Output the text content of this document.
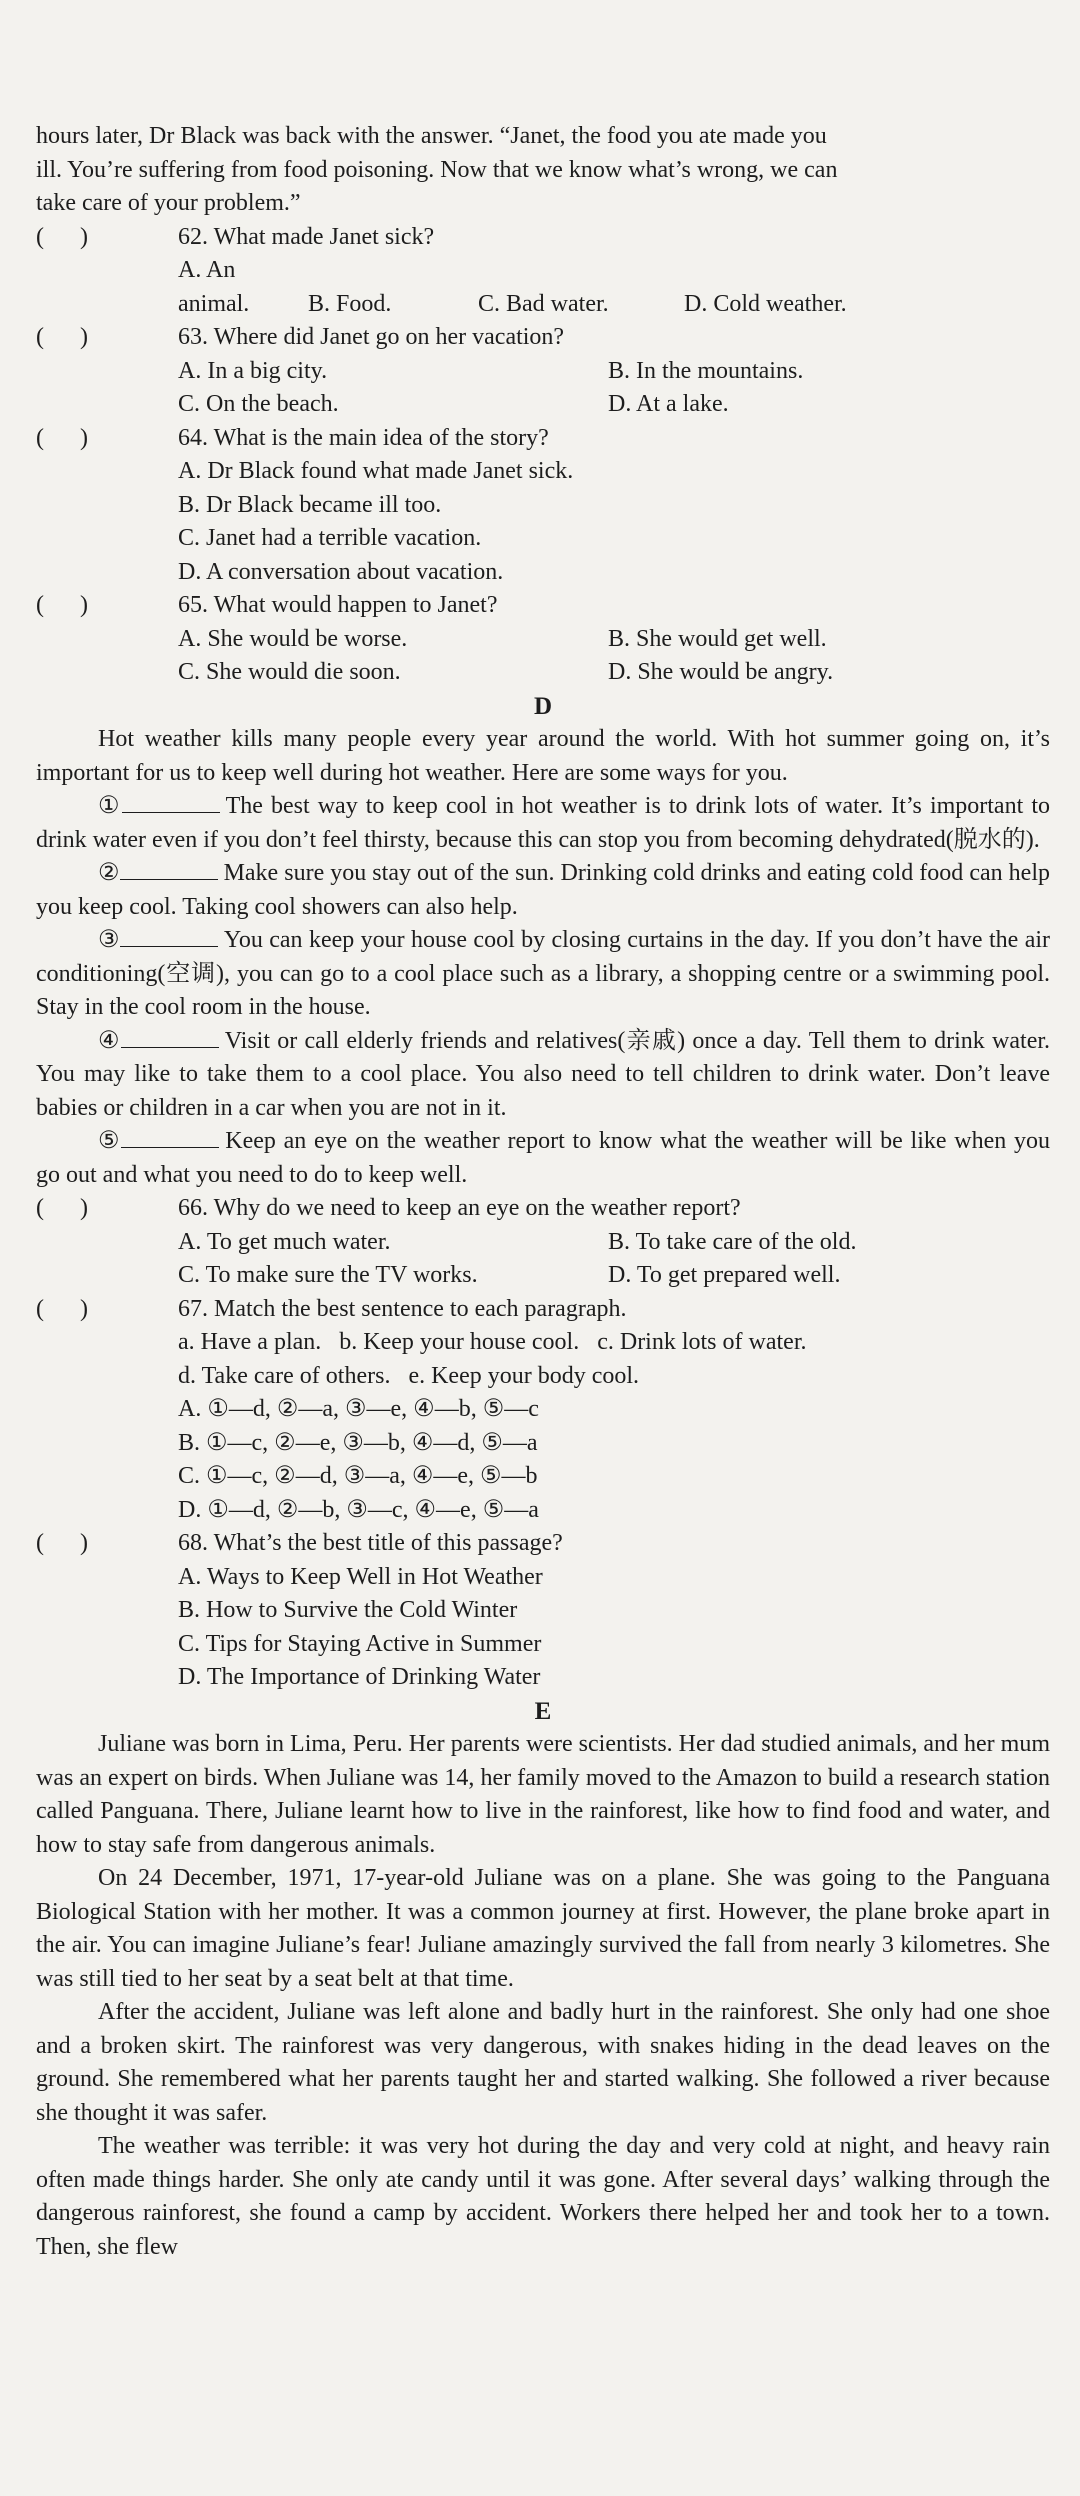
hours later, Dr Black was back with the answer. “Janet, the food you ate made you
ill. You’re suffering from food poisoning. Now that we know what’s wrong, we can
take care of your problem.”

(      )	62. What made Janet sick?
A. An animal. B. Food.	C. Bad water.	D. Cold weather.
(      )	63. Where did Janet go on her vacation?
A. In a big city.	B. In the mountains.
C. On the beach.	D. At a lake.
(      )	64. What is the main idea of the story?
A. Dr Black found what made Janet sick.
B. Dr Black became ill too.
C. Janet had a terrible vacation.
D. A conversation about vacation.
(      )	65. What would happen to Janet?
A. She would be worse.	B. She would get well.
C. She would die soon.	D. She would be angry.

D

Hot weather kills many people every year around the world. With hot summer going on, it’s important for us to keep well during hot weather. Here are some ways for you.

①	The best way to keep cool in hot weather is to drink lots of water. It’s important to drink water even if you don’t feel thirsty, because this can stop you from becoming dehydrated(脱水的).

②	Make sure you stay out of the sun. Drinking cold drinks and eating cold food can help you keep cool. Taking cool showers can also help.

③	You can keep your house cool by closing curtains in the day. If you don’t have the air conditioning(空调), you can go to a cool place such as a library, a shopping centre or a swimming pool. Stay in the cool room in the house.

④	Visit or call elderly friends and relatives(亲戚) once a day. Tell them to drink water. You may like to take them to a cool place. You also need to tell children to drink water. Don’t leave babies or children in a car when you are not in it.

⑤	Keep an eye on the weather report to know what the weather will be like when you go out and what you need to do to keep well.

(      )	66. Why do we need to keep an eye on the weather report?
A. To get much water.	B. To take care of the old.
C. To make sure the TV works.	D. To get prepared well.
(      )	67. Match the best sentence to each paragraph.
a. Have a plan.   b. Keep your house cool.   c. Drink lots of water.
d. Take care of others.   e. Keep your body cool.
A. ①—d, ②—a, ③—e, ④—b, ⑤—c
B. ①—c, ②—e, ③—b, ④—d, ⑤—a
C. ①—c, ②—d, ③—a, ④—e, ⑤—b
D. ①—d, ②—b, ③—c, ④—e, ⑤—a
(      )	68. What’s the best title of this passage?
A. Ways to Keep Well in Hot Weather
B. How to Survive the Cold Winter
C. Tips for Staying Active in Summer
D. The Importance of Drinking Water

E

Juliane was born in Lima, Peru. Her parents were scientists. Her dad studied animals, and her mum was an expert on birds. When Juliane was 14, her family moved to the Amazon to build a research station called Panguana. There, Juliane learnt how to live in the rainforest, like how to find food and water, and how to stay safe from dangerous animals.

On 24 December, 1971, 17-year-old Juliane was on a plane. She was going to the Panguana Biological Station with her mother. It was a common journey at first. However, the plane broke apart in the air. You can imagine Juliane’s fear! Juliane amazingly survived the fall from nearly 3 kilometres. She was still tied to her seat by a seat belt at that time.

After the accident, Juliane was left alone and badly hurt in the rainforest. She only had one shoe and a broken skirt. The rainforest was very dangerous, with snakes hiding in the dead leaves on the ground. She remembered what her parents taught her and started walking. She followed a river because she thought it was safer.

The weather was terrible: it was very hot during the day and very cold at night, and heavy rain often made things harder. She only ate candy until it was gone. After several days’ walking through the dangerous rainforest, she found a camp by accident. Workers there helped her and took her to a town. Then, she flew
